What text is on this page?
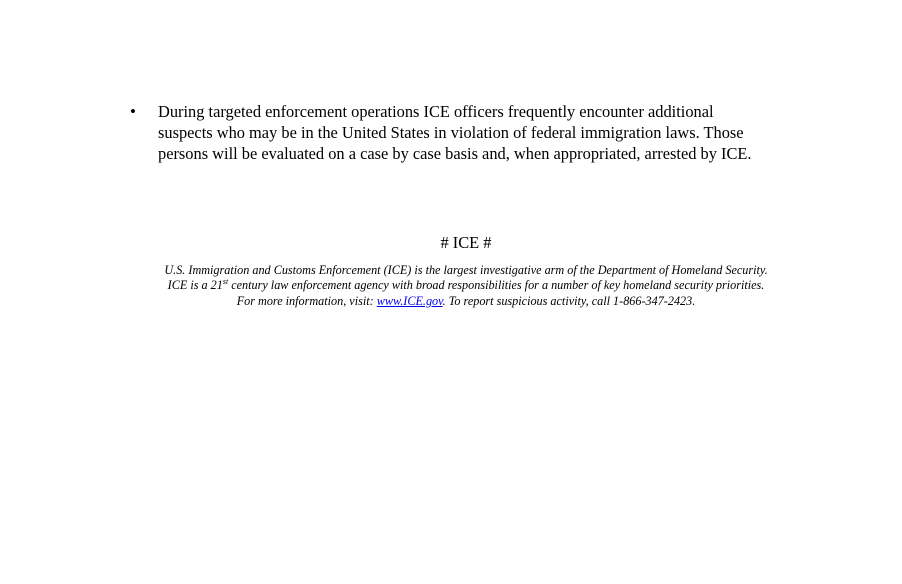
• During targeted enforcement operations ICE officers frequently encounter additional
suspects who may be in the United States in violation of federal immigration laws. Those
persons will be evaluated on a case by case basis and, when appropriated, arrested by ICE.
# ICE #
U.S. Immigration and Customs Enforcement (ICE) is the largest investigative arm of the Department of Homeland Security.
ICE is a 21st century law enforcement agency with broad responsibilities for a number of key homeland security priorities.
For more information, visit: www.ICE.gov. To report suspicious activity, call 1-866-347-2423.
